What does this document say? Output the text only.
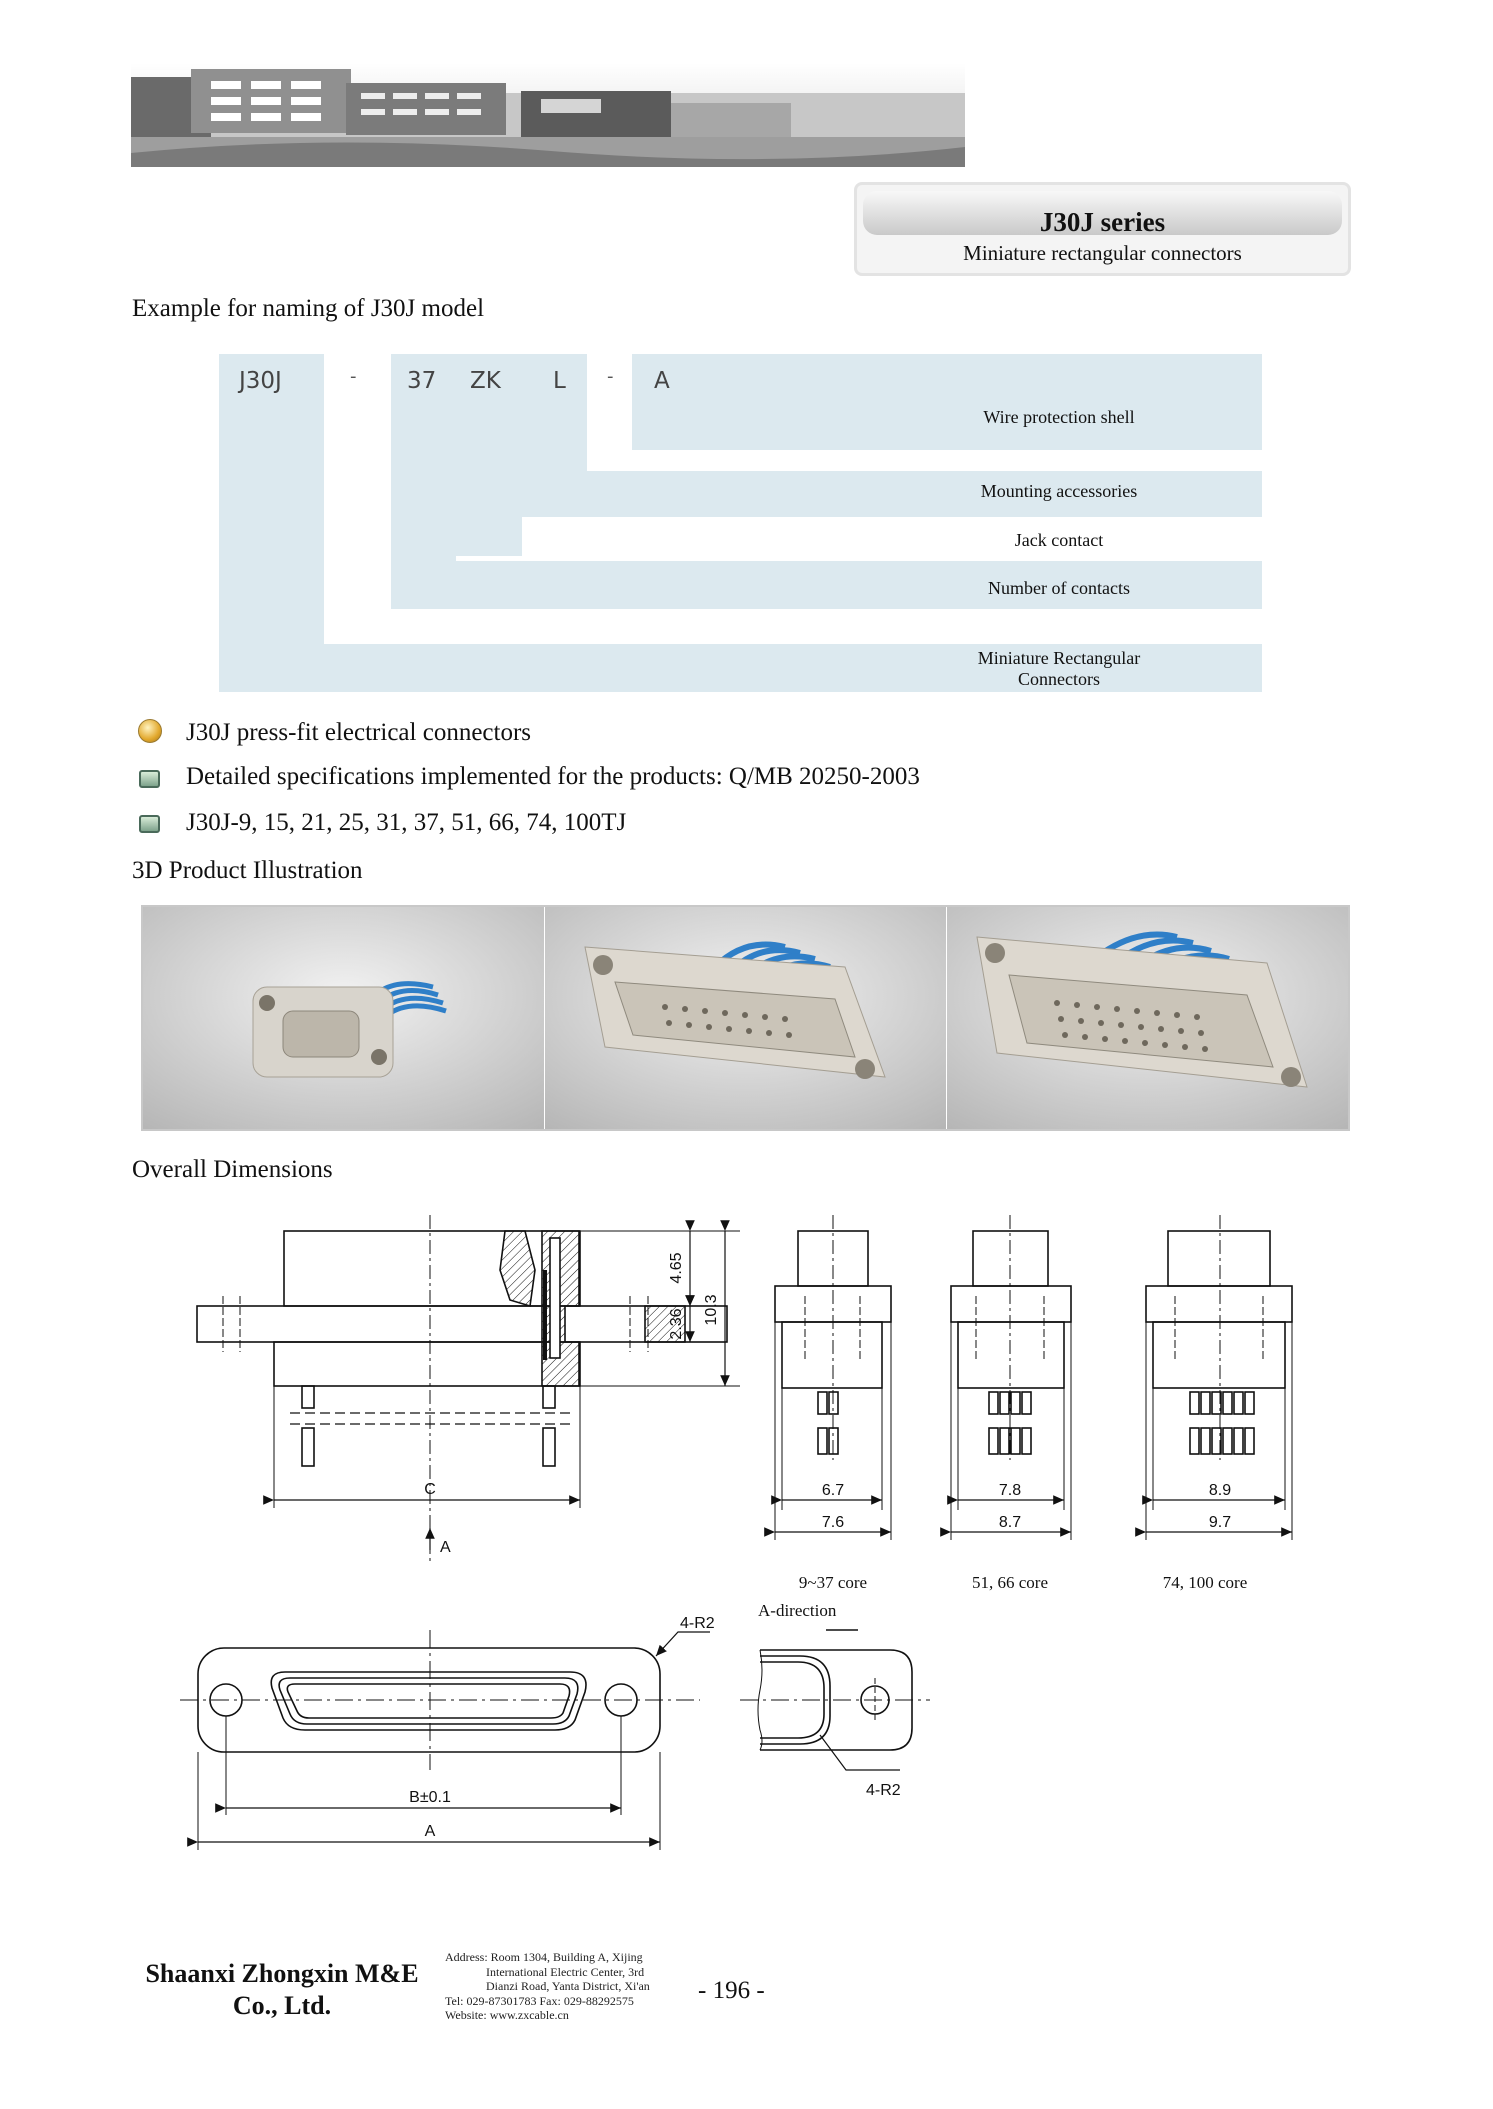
J30J series
Miniature rectangular connectors
Example for naming of J30J model
J30J	- 37 ZK L - A
Wire protection shell
Mounting accessories
Jack contact
Number of contacts
Miniature Rectangular Connectors
J30J press-fit electrical connectors
Detailed specifications implemented for the products: Q/MB 20250-2003
J30J-9, 15, 21, 25, 31, 37, 51, 66, 74, 100TJ
3D Product Illustration
Overall Dimensions
4.65
2.36 10.3
C
A
6.7
7.6
9~37 core
7.8
8.7
51, 66 core
8.9
9.7
74, 100 core
4-R2
B±0.1
A
A-direction
4-R2
Shaanxi Zhongxin M&E
Co., Ltd.
Address: Room 1304, Building A, Xijing
International Electric Center, 3rd
Dianzi Road, Yanta District, Xi'an
Tel: 029-87301783 Fax: 029-88292575
Website: www.zxcable.cn
- 196 -
